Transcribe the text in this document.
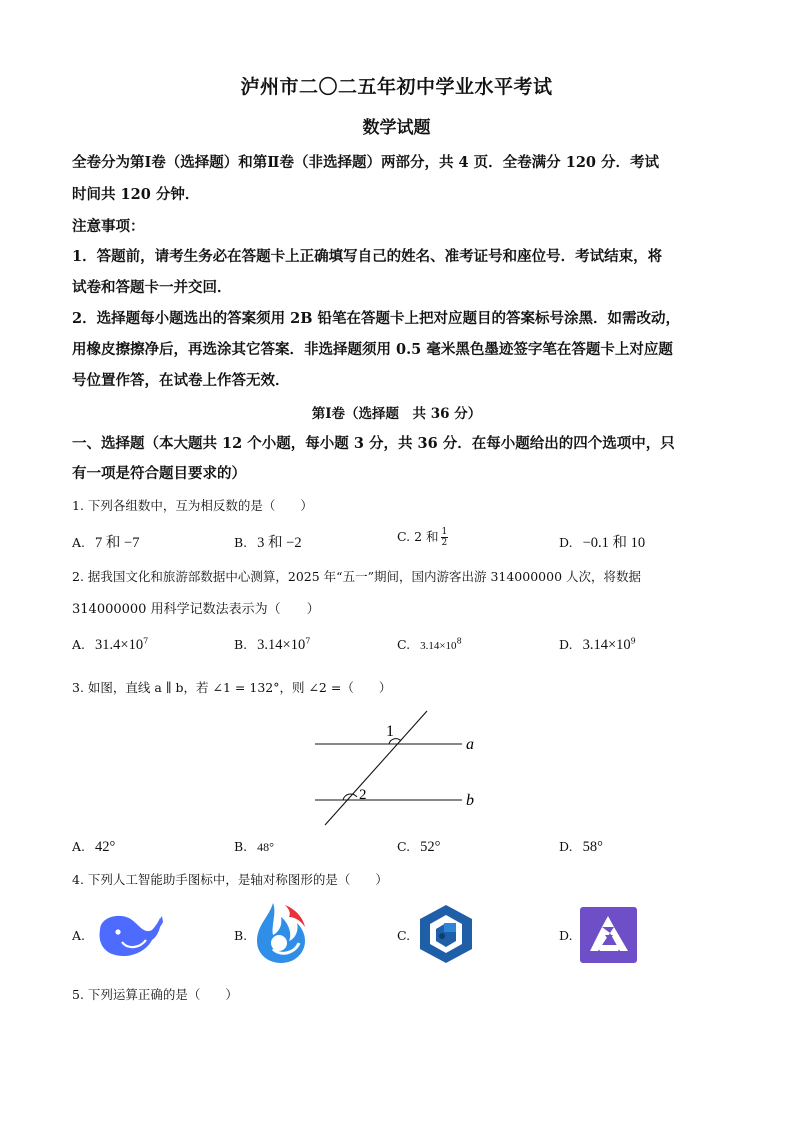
泸州市二〇二五年初中学业水平考试
数学试题
全卷分为第Ⅰ卷（选择题）和第Ⅱ卷（非选择题）两部分，共 4 页．全卷满分 120 分．考试
时间共 120 分钟．
注意事项：
1．答题前，请考生务必在答题卡上正确填写自己的姓名、准考证号和座位号．考试结束，将
试卷和答题卡一并交回．
2．选择题每小题选出的答案须用 2B 铅笔在答题卡上把对应题目的答案标号涂黑．如需改动，
用橡皮擦擦净后，再选涂其它答案．非选择题须用 0.5 毫米黑色墨迹签字笔在答题卡上对应题
号位置作答，在试卷上作答无效．
第Ⅰ卷（选择题　共 36 分）
一、选择题（本大题共 12 个小题，每小题 3 分，共 36 分．在每小题给出的四个选项中，只
有一项是符合题目要求的）
1. 下列各组数中，互为相反数的是（　　）
A. 7 和 −7	B. 3 和 −2	C. 2 和 $\frac{1}{2}$	D. −0.1 和 10
2. 据我国文化和旅游部数据中心测算，2025 年“五一”期间，国内游客出游 314000000 人次，将数据
314000000 用科学记数法表示为（　　）
A. $31.4\times 10^7$	B. $3.14\times 10^7$	C. $3.14\times 10^8$	D. $3.14\times 10^9$
3. 如图，直线 a ∥ b，若 ∠1 = 132°，则 ∠2 =（　　）
1
2
a
b
A. 42°	B. 48°	C. 52°	D. 58°
4. 下列人工智能助手图标中，是轴对称图形的是（　　）
A.	B.	C.	D.
5. 下列运算正确的是（　　）
